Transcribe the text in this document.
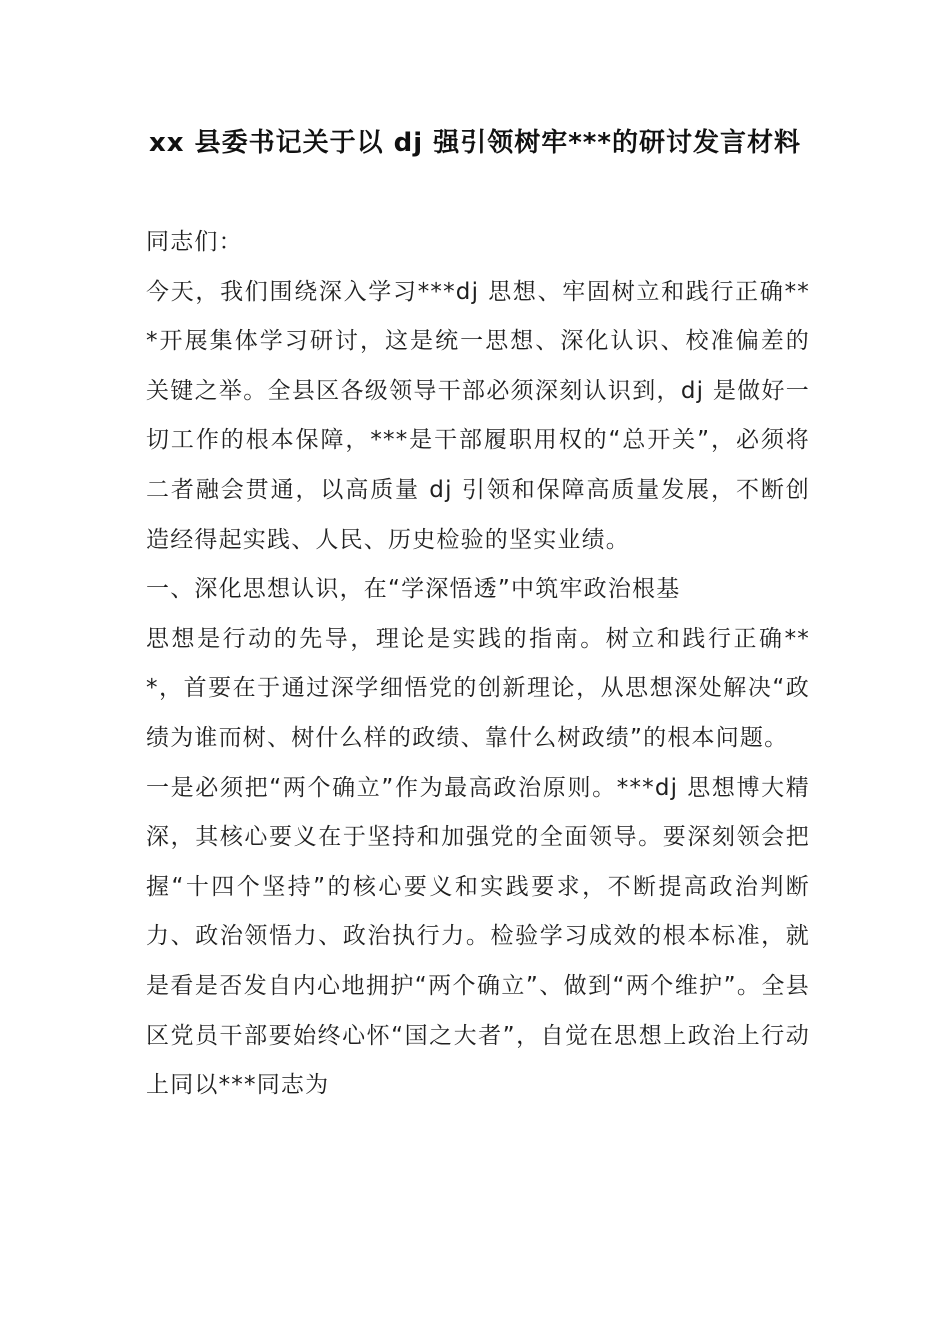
xx 县委书记关于以 dj 强引领树牢***的研讨发言材料

同志们：

今天，我们围绕深入学习***dj 思想、牢固树立和践行正确***开展集体学习研讨，这是统一思想、深化认识、校准偏差的关键之举。全县区各级领导干部必须深刻认识到，dj 是做好一切工作的根本保障，***是干部履职用权的“总开关”，必须将二者融会贯通，以高质量 dj 引领和保障高质量发展，不断创造经得起实践、人民、历史检验的坚实业绩。

一、深化思想认识，在“学深悟透”中筑牢政治根基

思想是行动的先导，理论是实践的指南。树立和践行正确***，首要在于通过深学细悟党的创新理论，从思想深处解决“政绩为谁而树、树什么样的政绩、靠什么树政绩”的根本问题。

一是必须把“两个确立”作为最高政治原则。***dj 思想博大精深，其核心要义在于坚持和加强党的全面领导。要深刻领会把握“十四个坚持”的核心要义和实践要求，不断提高政治判断力、政治领悟力、政治执行力。检验学习成效的根本标准，就是看是否发自内心地拥护“两个确立”、做到“两个维护”。全县区党员干部要始终心怀“国之大者”，自觉在思想上政治上行动上同以***同志为
